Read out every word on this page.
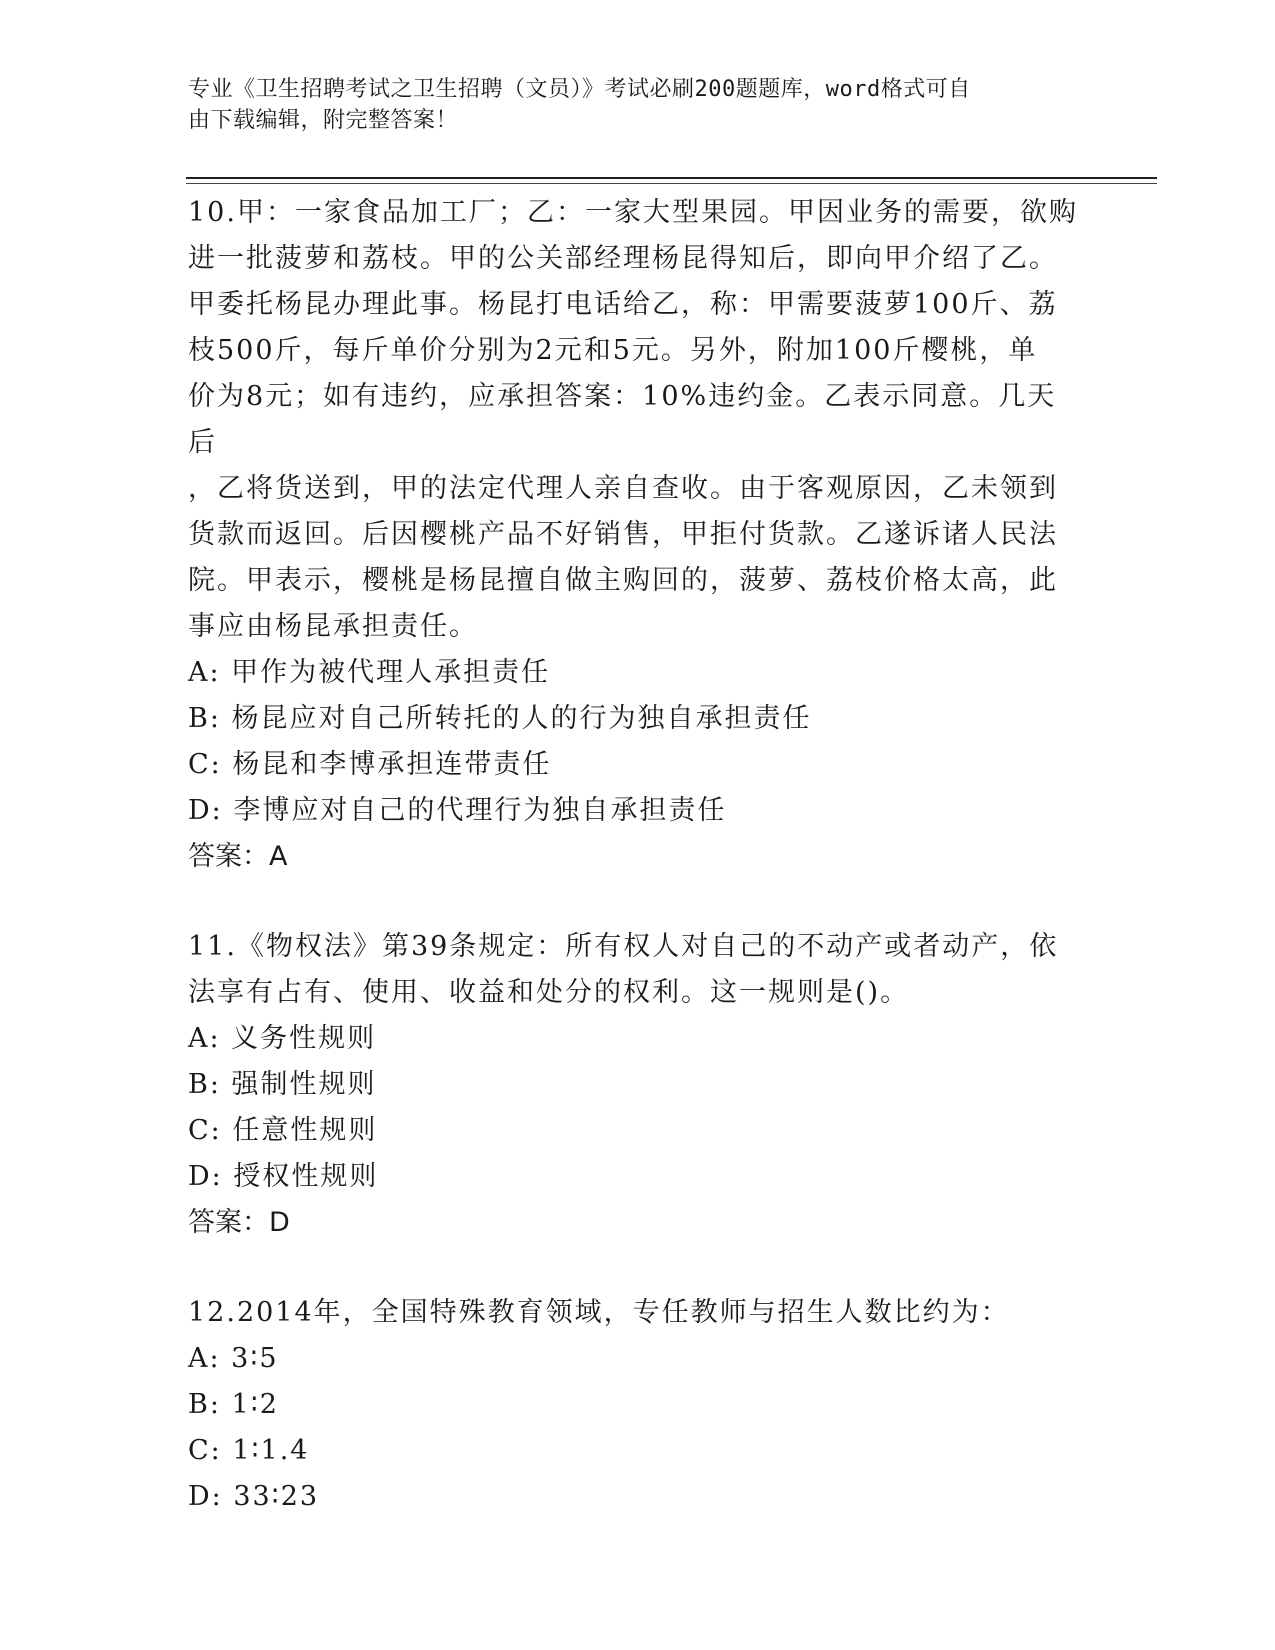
专业《卫生招聘考试之卫生招聘（文员）》考试必刷200题题库，word格式可自
由下载编辑，附完整答案！

10.甲：一家食品加工厂；乙：一家大型果园。甲因业务的需要，欲购

进一批菠萝和荔枝。甲的公关部经理杨昆得知后，即向甲介绍了乙。

甲委托杨昆办理此事。杨昆打电话给乙，称：甲需要菠萝100斤、荔

枝500斤，每斤单价分别为2元和5元。另外，附加100斤樱桃，单

价为8元；如有违约，应承担答案：10%违约金。乙表示同意。几天后

，乙将货送到，甲的法定代理人亲自查收。由于客观原因，乙未领到

货款而返回。后因樱桃产品不好销售，甲拒付货款。乙遂诉诸人民法

院。甲表示，樱桃是杨昆擅自做主购回的，菠萝、荔枝价格太高，此

事应由杨昆承担责任。

A: 甲作为被代理人承担责任

B: 杨昆应对自己所转托的人的行为独自承担责任

C: 杨昆和李博承担连带责任

D: 李博应对自己的代理行为独自承担责任

答案：A

11.《物权法》第39条规定：所有权人对自己的不动产或者动产，依

法享有占有、使用、收益和处分的权利。这一规则是()。

A: 义务性规则

B: 强制性规则

C: 任意性规则

D: 授权性规则

答案：D

12.2014年，全国特殊教育领域，专任教师与招生人数比约为：

A: 3∶5

B: 1∶2

C: 1∶1.4

D: 33∶23
